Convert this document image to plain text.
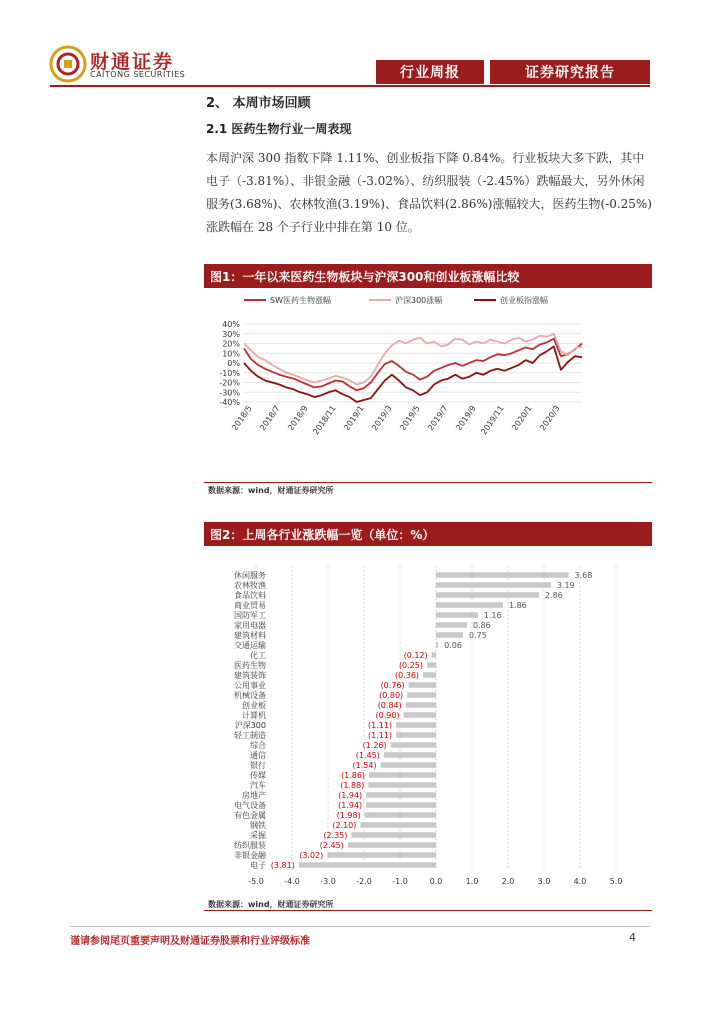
财通证券
CAITONG SECURITIES	行业周报	证券研究报告
2、 本周市场回顾
2.1 医药生物行业一周表现
本周沪深 300 指数下降 1.11%、创业板指下降 0.84%。行业板块大多下跌，其中电子（-3.81%）、非银金融（-3.02%）、纺织服装（-2.45%）跌幅最大，另外休闲服务(3.68%)、农林牧渔(3.19%)、食品饮料(2.86%)涨幅较大，医药生物(-0.25%)涨跌幅在 28 个子行业中排在第 10 位。
图1：一年以来医药生物板块与沪深300和创业板涨幅比较
SW医药生物涨幅	沪深300涨幅	创业板指涨幅
40%
30%
20%
10%
0%
-10%
-20%
-30%
-40%
2018/5 2018/7 2018/9 2018/11 2019/1 2019/3 2019/5 2019/7 2019/9 2019/11 2020/1 2020/3
数据来源：wind，财通证券研究所
图2：上周各行业涨跌幅一览（单位：%）
休闲服务
农林牧渔
食品饮料
商业贸易
国防军工
家用电器
建筑材料
交通运输
化工
医药生物
建筑装饰
公用事业
机械设备
创业板
计算机
沪深300
轻工制造
综合
通信
银行
传媒
汽车
房地产
电气设备
有色金属
钢铁
采掘
纺织服装
非银金融
电子
3.68
3.19
2.86
1.86
1.16
0.86
0.75
0.06
(0.12)
(0.25)
(0.36)
(0.76)
(0.80)
(0.84)
(0.90)
(1.11)
(1.11)
(1.26)
(1.45)
(1.54)
(1.86)
(1.88)
(1.94)
(1.94)
(1.98)
(2.10)
(2.35)
(2.45)
(3.02)
(3.81)
-5.0	-4.0	-3.0	-2.0	-1.0	0.0	1.0	2.0	3.0	4.0	5.0
数据来源：wind，财通证券研究所
谨请参阅尾页重要声明及财通证券股票和行业评级标准	4
